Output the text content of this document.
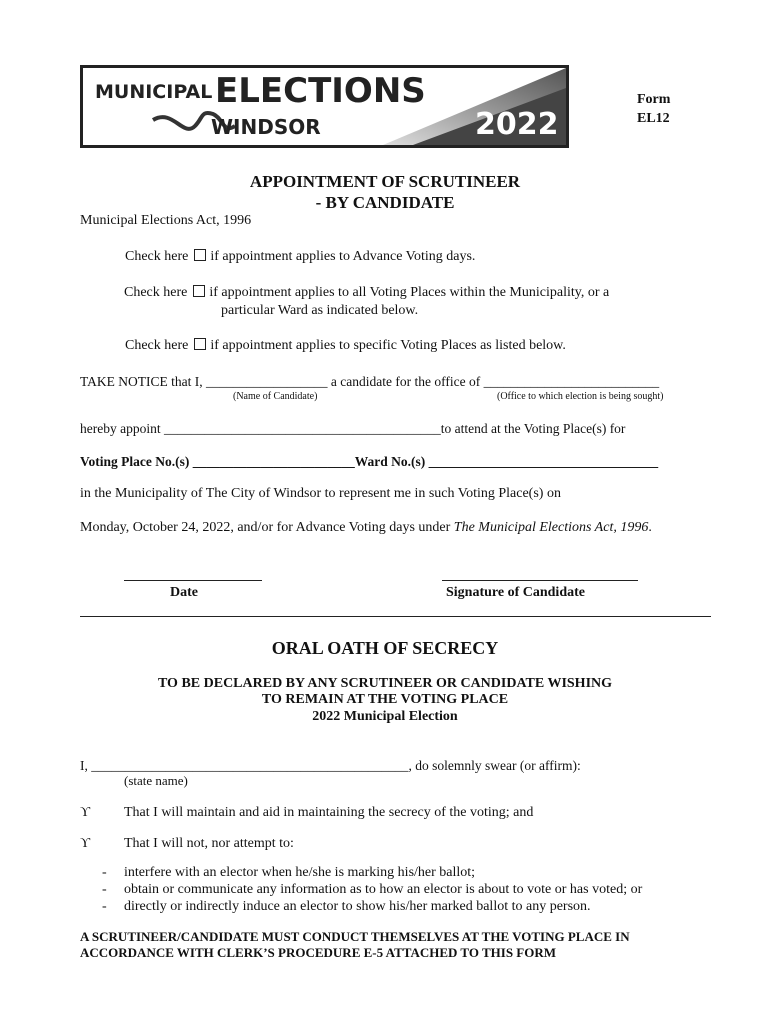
MUNICIPAL ELECTIONS
WINDSOR	2022
Form
EL12
APPOINTMENT OF SCRUTINEER
- BY CANDIDATE
Municipal Elections Act, 1996
Check here if appointment applies to Advance Voting days.
Check here if appointment applies to all Voting Places within the Municipality, or a
particular Ward as indicated below.
Check here if appointment applies to specific Voting Places as listed below.
TAKE NOTICE that I, __________________ a candidate for the office of __________________________
(Name of Candidate)	(Office to which election is being sought)
hereby appoint _________________________________________to attend at the Voting Place(s) for
Voting Place No.(s) ________________________Ward No.(s) __________________________________
in the Municipality of The City of Windsor to represent me in such Voting Place(s) on
Monday, October 24, 2022, and/or for Advance Voting days under The Municipal Elections Act, 1996.
Date	Signature of Candidate
ORAL OATH OF SECRECY
TO BE DECLARED BY ANY SCRUTINEER OR CANDIDATE WISHING
TO REMAIN AT THE VOTING PLACE
2022 Municipal Election
I, _______________________________________________, do solemnly swear (or affirm):
(state name)
ϒ That I will maintain and aid in maintaining the secrecy of the voting; and
ϒ That I will not, nor attempt to:
- interfere with an elector when he/she is marking his/her ballot;
- obtain or communicate any information as to how an elector is about to vote or has voted; or
- directly or indirectly induce an elector to show his/her marked ballot to any person.
A SCRUTINEER/CANDIDATE MUST CONDUCT THEMSELVES AT THE VOTING PLACE IN
ACCORDANCE WITH CLERK’S PROCEDURE E-5 ATTACHED TO THIS FORM
